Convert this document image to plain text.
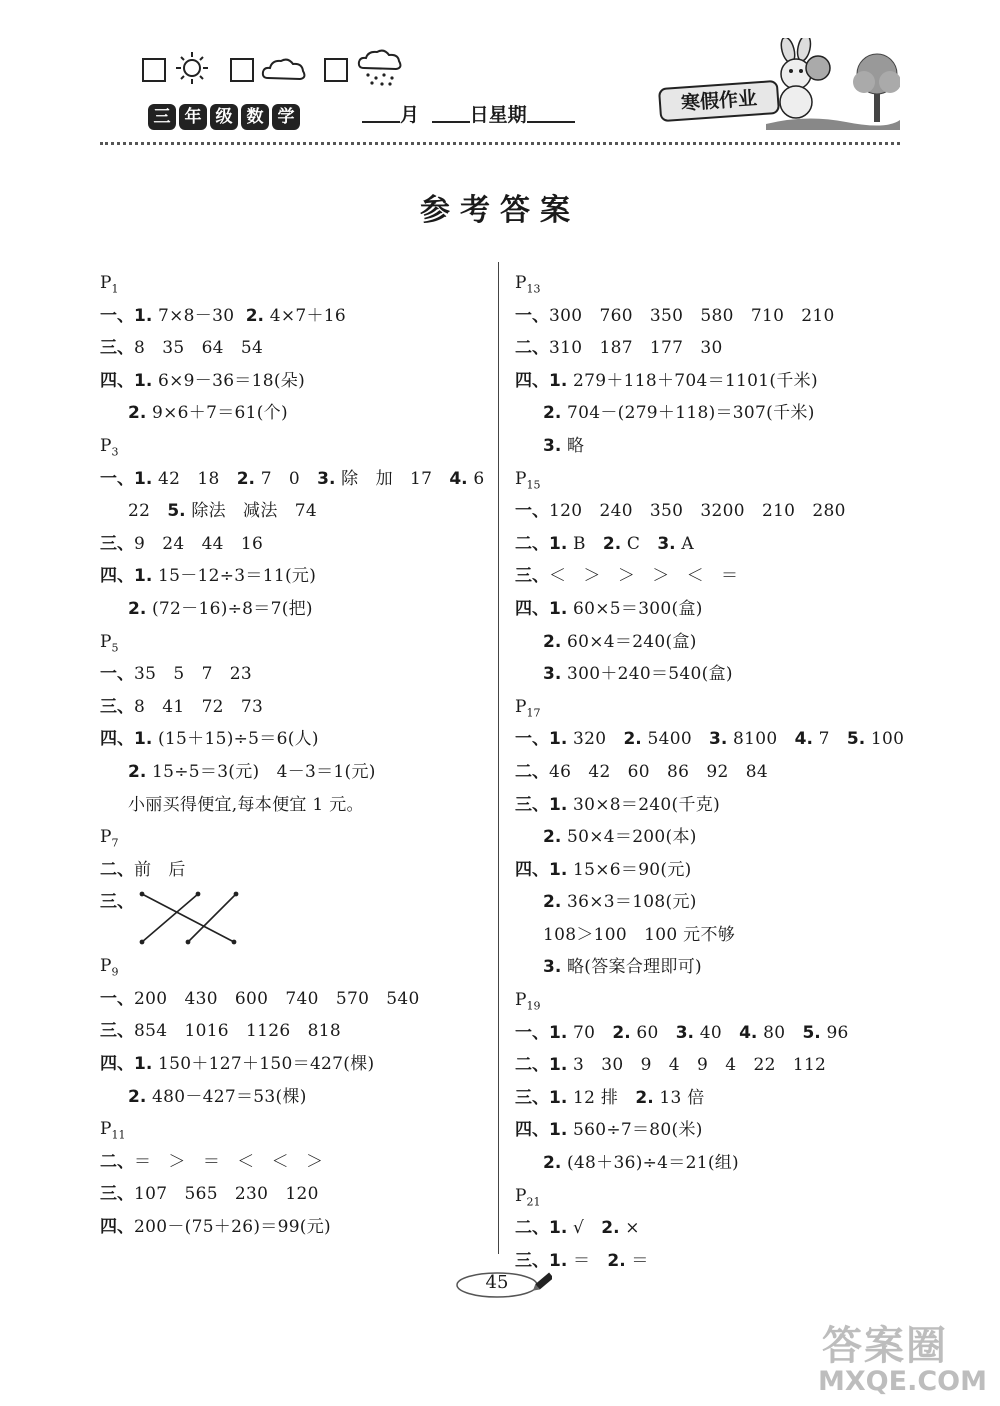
三 年 级 数 学	月	日星期
寒假作业
参考答案
$P_1$
一、1. 7×8－30  2. 4×7＋16
三、8   35   64   54
四、1. 6×9－36＝18(朵)
2. 9×6＋7＝61(个)
$P_3$
一、1. 42   18   2. 7   0   3. 除   加   17   4. 6
22   5. 除法   减法   74
三、9   24   44   16
四、1. 15－12÷3＝11(元)
2. (72－16)÷8＝7(把)
$P_5$
一、35   5   7   23
三、8   41   72   73
四、1. (15＋15)÷5＝6(人)
2. 15÷5＝3(元)   4－3＝1(元)
小丽买得便宜,每本便宜 1 元。
$P_7$
二、前   后
三、
$P_9$
一、200   430   600   740   570   540
三、854   1016   1126   818
四、1. 150＋127＋150＝427(棵)
2. 480－427＝53(棵)
$P_{11}$
二、＝   ＞   ＝   ＜   ＜   ＞
三、107   565   230   120
四、200－(75＋26)＝99(元)
$P_{13}$
一、300   760   350   580   710   210
二、310   187   177   30
四、1. 279＋118＋704＝1101(千米)
2. 704－(279＋118)＝307(千米)
3. 略
$P_{15}$
一、120   240   350   3200   210   280
二、1. B   2. C   3. A
三、＜   ＞   ＞   ＞   ＜   ＝
四、1. 60×5＝300(盒)
2. 60×4＝240(盒)
3. 300＋240＝540(盒)
$P_{17}$
一、1. 320   2. 5400   3. 8100   4. 7   5. 100
二、46   42   60   86   92   84
三、1. 30×8＝240(千克)
2. 50×4＝200(本)
四、1. 15×6＝90(元)
2. 36×3＝108(元)
108＞100   100 元不够
3. 略(答案合理即可)
$P_{19}$
一、1. 70   2. 60   3. 40   4. 80   5. 96
二、1. 3   30   9   4   9   4   22   112
三、1. 12 排   2. 13 倍
四、1. 560÷7＝80(米)
2. (48＋36)÷4＝21(组)
$P_{21}$
二、1. √   2. ×
三、1. ＝   2. ＝
45
答案圈
MXQE.COM
